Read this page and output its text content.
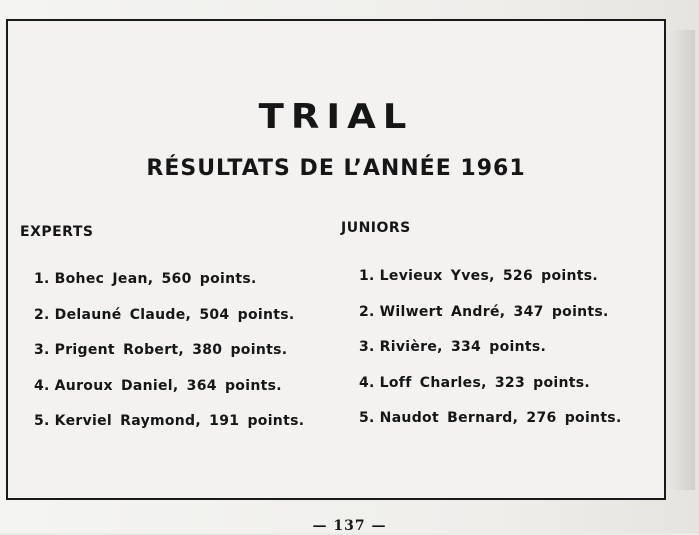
TRIAL
RÉSULTATS DE L’ANNÉE 1961
EXPERTS
1. Bohec Jean, 560 points.
2. Delauné Claude, 504 points.
3. Prigent Robert, 380 points.
4. Auroux Daniel, 364 points.
5. Kerviel Raymond, 191 points.
JUNIORS
1. Levieux Yves, 526 points.
2. Wilwert André, 347 points.
3. Rivière, 334 points.
4. Loff Charles, 323 points.
5. Naudot Bernard, 276 points.
— 137 —
